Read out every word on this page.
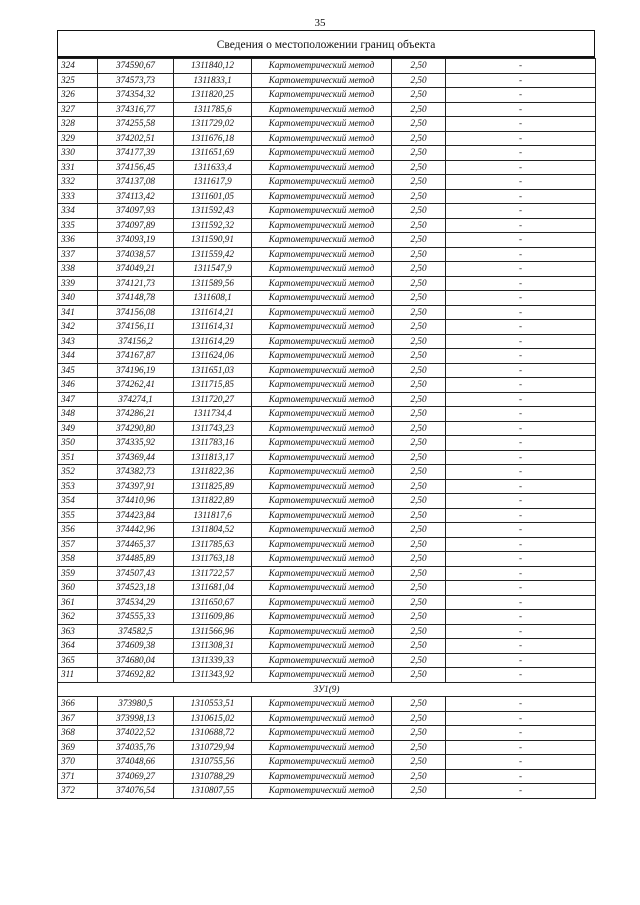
35
Сведения о местоположении границ объекта
324	374590,67	1311840,12	Картометрический метод	2,50	-
325	374573,73	1311833,1	Картометрический метод	2,50	-
326	374354,32	1311820,25	Картометрический метод	2,50	-
327	374316,77	1311785,6	Картометрический метод	2,50	-
328	374255,58	1311729,02	Картометрический метод	2,50	-
329	374202,51	1311676,18	Картометрический метод	2,50	-
330	374177,39	1311651,69	Картометрический метод	2,50	-
331	374156,45	1311633,4	Картометрический метод	2,50	-
332	374137,08	1311617,9	Картометрический метод	2,50	-
333	374113,42	1311601,05	Картометрический метод	2,50	-
334	374097,93	1311592,43	Картометрический метод	2,50	-
335	374097,89	1311592,32	Картометрический метод	2,50	-
336	374093,19	1311590,91	Картометрический метод	2,50	-
337	374038,57	1311559,42	Картометрический метод	2,50	-
338	374049,21	1311547,9	Картометрический метод	2,50	-
339	374121,73	1311589,56	Картометрический метод	2,50	-
340	374148,78	1311608,1	Картометрический метод	2,50	-
341	374156,08	1311614,21	Картометрический метод	2,50	-
342	374156,11	1311614,31	Картометрический метод	2,50	-
343	374156,2	1311614,29	Картометрический метод	2,50	-
344	374167,87	1311624,06	Картометрический метод	2,50	-
345	374196,19	1311651,03	Картометрический метод	2,50	-
346	374262,41	1311715,85	Картометрический метод	2,50	-
347	374274,1	1311720,27	Картометрический метод	2,50	-
348	374286,21	1311734,4	Картометрический метод	2,50	-
349	374290,80	1311743,23	Картометрический метод	2,50	-
350	374335,92	1311783,16	Картометрический метод	2,50	-
351	374369,44	1311813,17	Картометрический метод	2,50	-
352	374382,73	1311822,36	Картометрический метод	2,50	-
353	374397,91	1311825,89	Картометрический метод	2,50	-
354	374410,96	1311822,89	Картометрический метод	2,50	-
355	374423,84	1311817,6	Картометрический метод	2,50	-
356	374442,96	1311804,52	Картометрический метод	2,50	-
357	374465,37	1311785,63	Картометрический метод	2,50	-
358	374485,89	1311763,18	Картометрический метод	2,50	-
359	374507,43	1311722,57	Картометрический метод	2,50	-
360	374523,18	1311681,04	Картометрический метод	2,50	-
361	374534,29	1311650,67	Картометрический метод	2,50	-
362	374555,33	1311609,86	Картометрический метод	2,50	-
363	374582,5	1311566,96	Картометрический метод	2,50	-
364	374609,38	1311308,31	Картометрический метод	2,50	-
365	374680,04	1311339,33	Картометрический метод	2,50	-
311	374692,82	1311343,92	Картометрический метод	2,50	-
ЗУ1(9)					
366	373980,5	1310553,51	Картометрический метод	2,50	-
367	373998,13	1310615,02	Картометрический метод	2,50	-
368	374022,52	1310688,72	Картометрический метод	2,50	-
369	374035,76	1310729,94	Картометрический метод	2,50	-
370	374048,66	1310755,56	Картометрический метод	2,50	-
371	374069,27	1310788,29	Картометрический метод	2,50	-
372	374076,54	1310807,55	Картометрический метод	2,50	-
